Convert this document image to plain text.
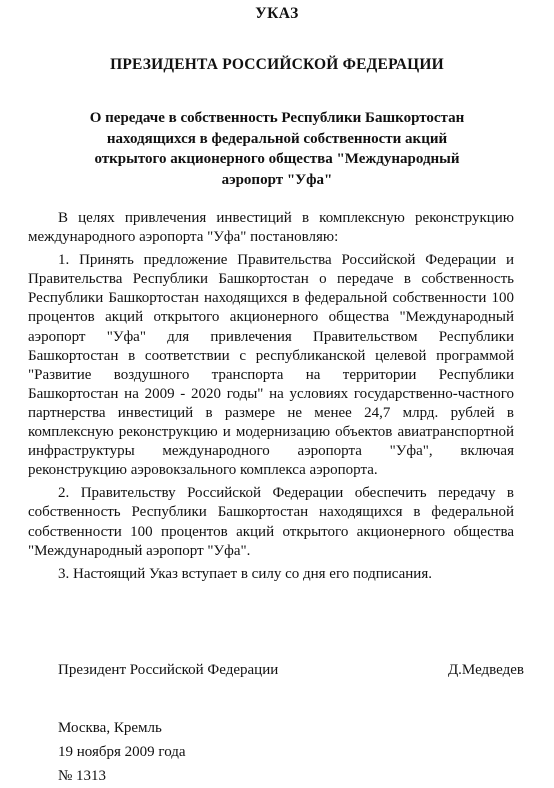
УКАЗ
ПРЕЗИДЕНТА РОССИЙСКОЙ ФЕДЕРАЦИИ
О передаче в собственность Республики Башкортостан
находящихся в федеральной собственности акций
открытого акционерного общества "Международный
аэропорт "Уфа"

В целях привлечения инвестиций в комплексную реконструкцию международного аэропорта "Уфа" постановляю:

1. Принять предложение Правительства Российской Федерации и Правительства Республики Башкортостан о передаче в собственность Республики Башкортостан находящихся в федеральной собственности 100 процентов акций открытого акционерного общества "Международный аэропорт "Уфа" для привлечения Правительством Республики Башкортостан в соответствии с республиканской целевой программой "Развитие воздушного транспорта на территории Республики Башкортостан на 2009 - 2020 годы" на условиях государственно-частного партнерства инвестиций в размере не менее 24,7 млрд. рублей в комплексную реконструкцию и модернизацию объектов авиатранспортной инфраструктуры международного аэропорта "Уфа", включая реконструкцию аэровокзального комплекса аэропорта.

2. Правительству Российской Федерации обеспечить передачу в собственность Республики Башкортостан находящихся в федеральной собственности 100 процентов акций открытого акционерного общества "Международный аэропорт "Уфа".

3. Настоящий Указ вступает в силу со дня его подписания.

Президент Российской Федерации	Д.Медведев
Москва, Кремль
19 ноября 2009 года
№ 1313
